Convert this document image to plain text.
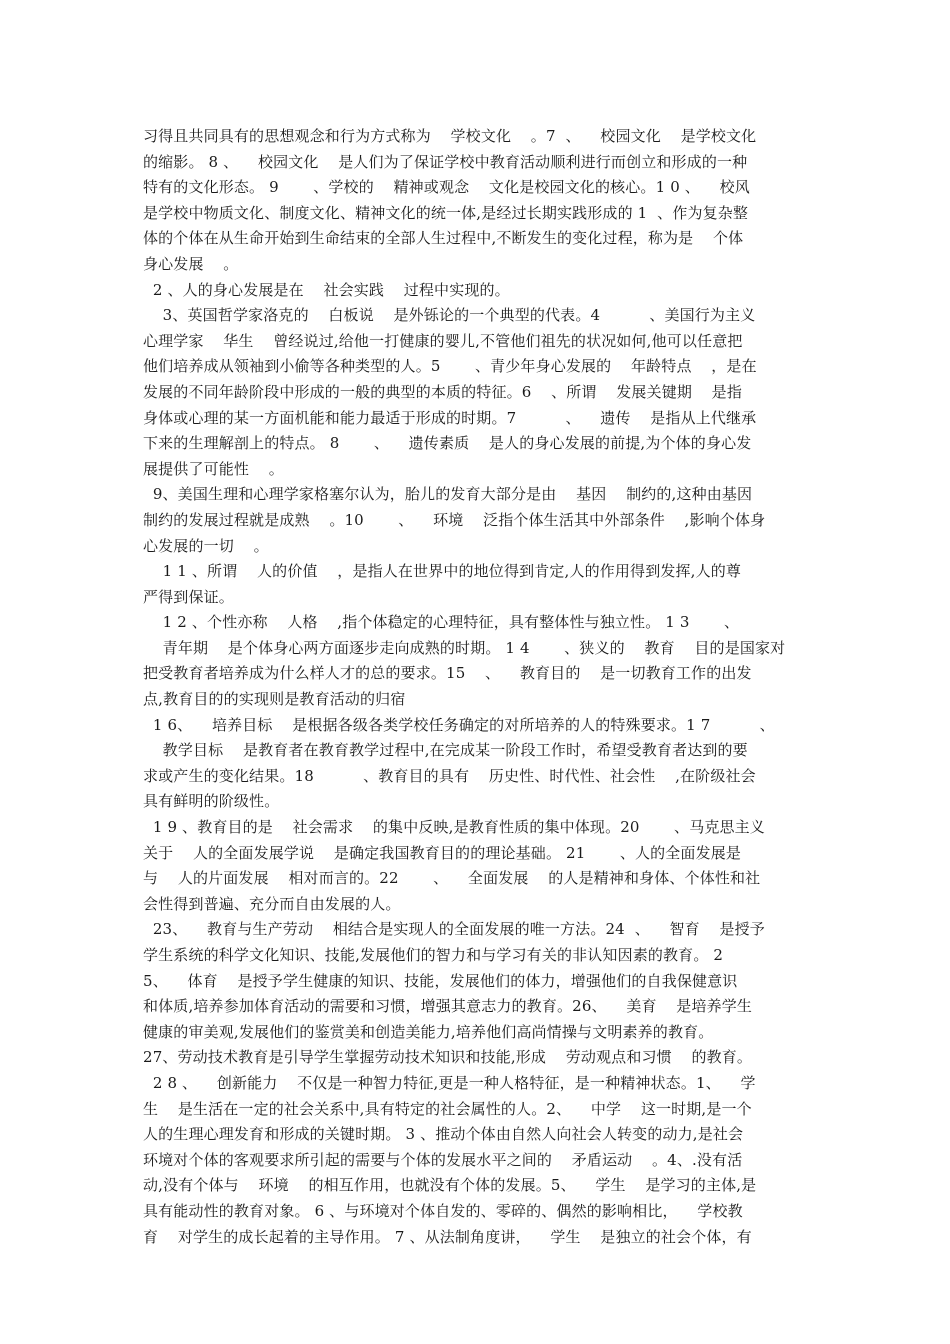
习得且共同具有的思想观念和行为方式称为    学校文化    。7  、    校园文化    是学校文化
的缩影。 8 、    校园文化    是人们为了保证学校中教育活动顺利进行而创立和形成的一种
特有的文化形态。 9       、学校的    精神或观念    文化是校园文化的核心。1 0 、    校风
是学校中物质文化、制度文化、精神文化的统一体,是经过长期实践形成的 1  、作为复杂整
体的个体在从生命开始到生命结束的全部人生过程中,不断发生的变化过程，称为是    个体
身心发展    。
2 、人的身心发展是在    社会实践    过程中实现的。
3、英国哲学家洛克的    白板说    是外铄论的一个典型的代表。4          、美国行为主义
心理学家    华生    曾经说过,给他一打健康的婴儿,不管他们祖先的状况如何,他可以任意把
他们培养成从领袖到小偷等各种类型的人。5       、青少年身心发展的    年龄特点    ，是在
发展的不同年龄阶段中形成的一般的典型的本质的特征。6    、所谓    发展关键期    是指
身体或心理的某一方面机能和能力最适于形成的时期。7          、    遗传    是指从上代继承
下来的生理解剖上的特点。 8       、    遗传素质    是人的身心发展的前提,为个体的身心发
展提供了可能性    。
9、美国生理和心理学家格塞尔认为，胎儿的发育大部分是由    基因    制约的,这种由基因
制约的发展过程就是成熟    。10       、    环境    泛指个体生活其中外部条件    ,影响个体身
心发展的一切    。
1 1 、所谓    人的价值    ，是指人在世界中的地位得到肯定,人的作用得到发挥,人的尊
严得到保证。
1 2 、个性亦称    人格    ,指个体稳定的心理特征，具有整体性与独立性。 1 3       、
青年期    是个体身心两方面逐步走向成熟的时期。 1 4       、狭义的    教育    目的是国家对
把受教育者培养成为什么样人才的总的要求。15    、    教育目的    是一切教育工作的出发
点,教育目的的实现则是教育活动的归宿
1 6、    培养目标    是根据各级各类学校任务确定的对所培养的人的特殊要求。1 7          、
教学目标    是教育者在教育教学过程中,在完成某一阶段工作时，希望受教育者达到的要
求或产生的变化结果。18          、教育目的具有    历史性、时代性、社会性    ,在阶级社会
具有鲜明的阶级性。
1 9 、教育目的是    社会需求    的集中反映,是教育性质的集中体现。20       、马克思主义
关于    人的全面发展学说    是确定我国教育目的的理论基础。 21       、人的全面发展是
与    人的片面发展    相对而言的。22       、    全面发展    的人是精神和身体、个体性和社
会性得到普遍、充分而自由发展的人。
23、    教育与生产劳动    相结合是实现人的全面发展的唯一方法。24  、    智育    是授予
学生系统的科学文化知识、技能,发展他们的智力和与学习有关的非认知因素的教育。 2
5、    体育    是授予学生健康的知识、技能，发展他们的体力，增强他们的自我保健意识
和体质,培养参加体育活动的需要和习惯，增强其意志力的教育。26、    美育    是培养学生
健康的审美观,发展他们的鉴赏美和创造美能力,培养他们高尚情操与文明素养的教育。
27、劳动技术教育是引导学生掌握劳动技术知识和技能,形成    劳动观点和习惯    的教育。
2 8 、    创新能力    不仅是一种智力特征,更是一种人格特征，是一种精神状态。1、    学
生    是生活在一定的社会关系中,具有特定的社会属性的人。2、    中学    这一时期,是一个
人的生理心理发育和形成的关键时期。 3 、推动个体由自然人向社会人转变的动力,是社会
环境对个体的客观要求所引起的需要与个体的发展水平之间的    矛盾运动    。4、.没有活
动,没有个体与    环境    的相互作用，也就没有个体的发展。5、    学生    是学习的主体,是
具有能动性的教育对象。 6 、与环境对个体自发的、零碎的、偶然的影响相比，    学校教
育    对学生的成长起着的主导作用。 7 、从法制角度讲，    学生    是独立的社会个体，有
